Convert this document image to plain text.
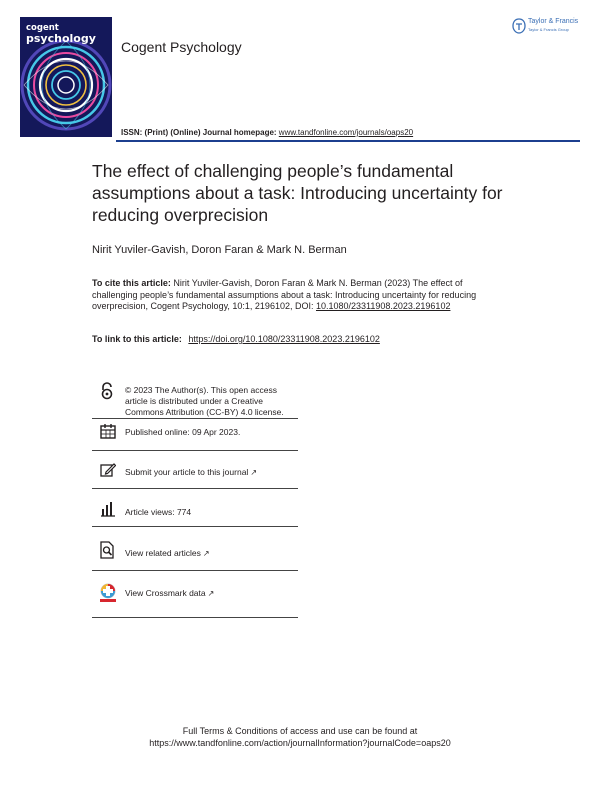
cogent
psychology
Cogent Psychology
Taylor & Francis
Taylor & Francis Group
ISSN: (Print) (Online) Journal homepage: www.tandfonline.com/journals/oaps20
The effect of challenging people’s fundamental assumptions about a task: Introducing uncertainty for reducing overprecision
Nirit Yuviler-Gavish, Doron Faran & Mark N. Berman
To cite this article: Nirit Yuviler-Gavish, Doron Faran & Mark N. Berman (2023) The effect of challenging people’s fundamental assumptions about a task: Introducing uncertainty for reducing overprecision, Cogent Psychology, 10:1, 2196102, DOI: 10.1080/23311908.2023.2196102
To link to this article: https://doi.org/10.1080/23311908.2023.2196102
© 2023 The Author(s). This open access article is distributed under a Creative Commons Attribution (CC-BY) 4.0 license.
Published online: 09 Apr 2023.
Submit your article to this journal ↗
Article views: 774
View related articles ↗
View Crossmark data ↗
Full Terms & Conditions of access and use can be found at
https://www.tandfonline.com/action/journalInformation?journalCode=oaps20
